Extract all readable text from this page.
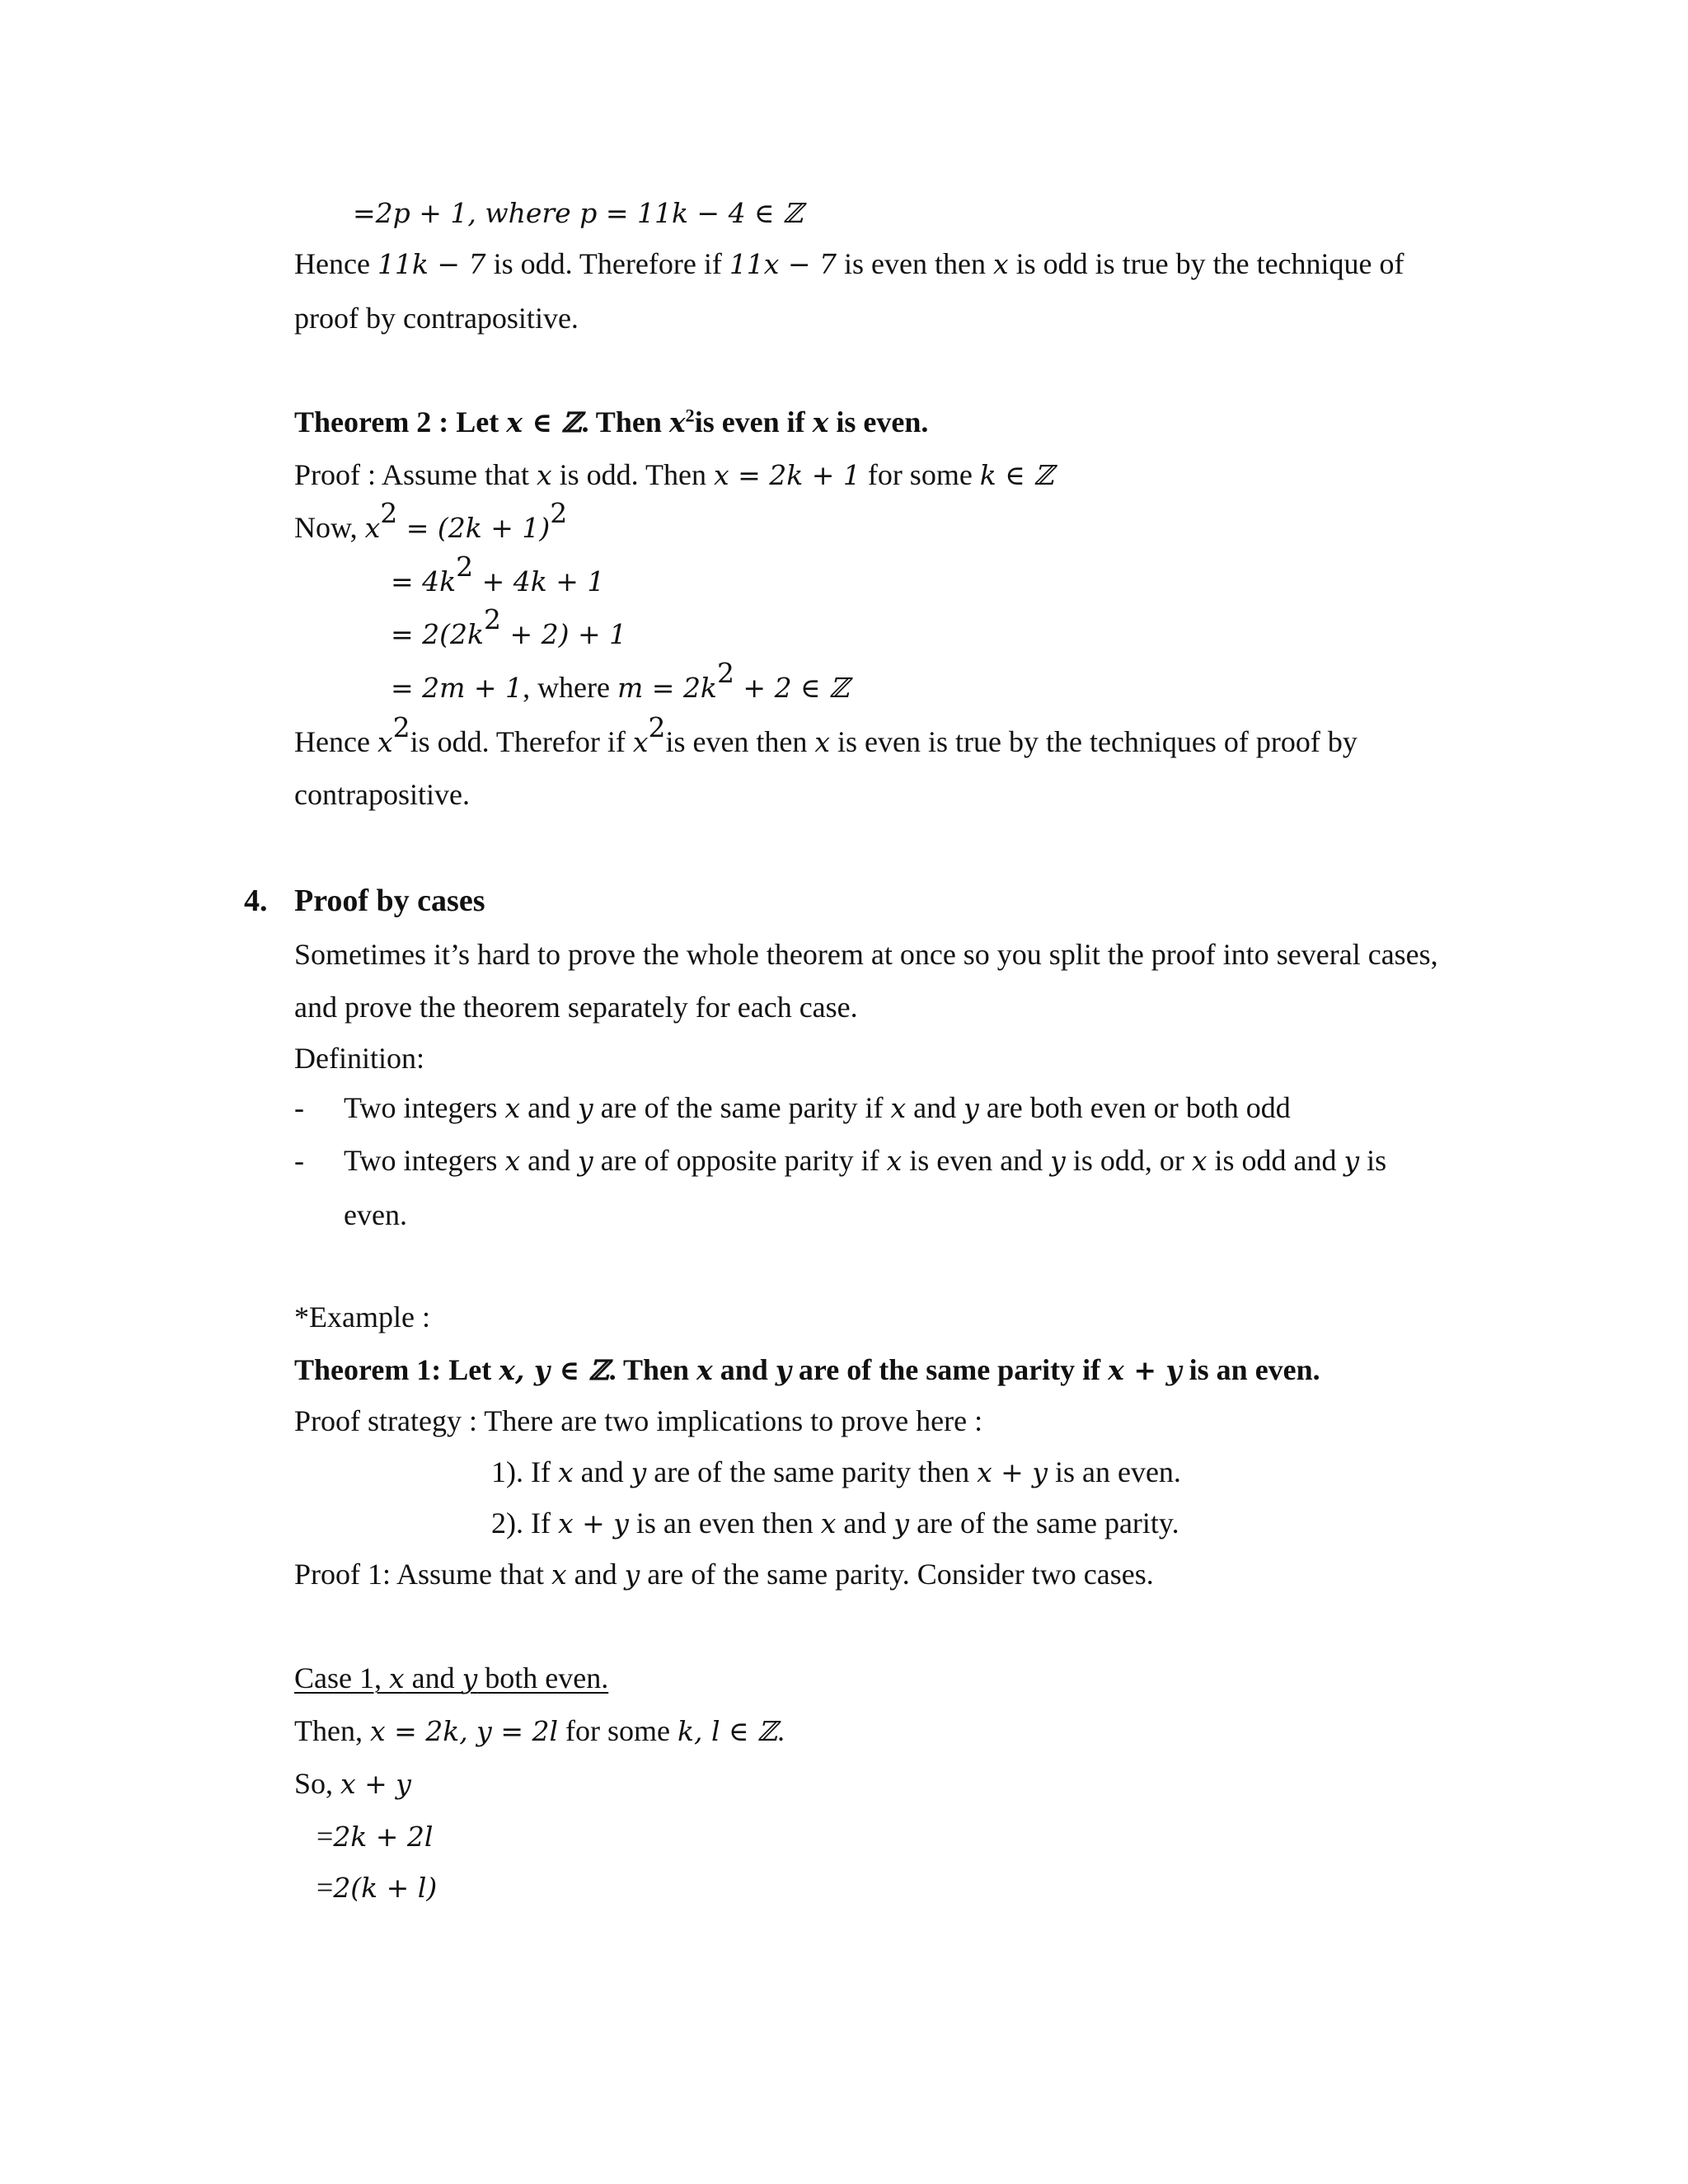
=2p + 1, where p = 11k − 4 ∈ ℤ
Hence 11k − 7 is odd. Therefore if 11x − 7 is even then x is odd is true by the technique of
proof by contrapositive.
Theorem 2 : Let x ∈ ℤ. Then $x^2is$ even if x is even.
Proof : Assume that x is odd. Then x = 2k + 1 for some k ∈ ℤ
Now, $x^2 = (2k + 1)^2$
= $4k^2 + 4k + 1$
= $2(2k^2 + 2) + 1$
= 2m + 1, where $m = 2k^2 + 2$ ∈ ℤ
Hence $x^2is$ odd. Therefor if $x^2is$ even then x is even is true by the techniques of proof by
contrapositive.
4. Proof by cases
Sometimes it’s hard to prove the whole theorem at once so you split the proof into several cases,
and prove the theorem separately for each case.
Definition:
- Two integers x and y are of the same parity if x and y are both even or both odd
- Two integers x and y are of opposite parity if x is even and y is odd, or x is odd and y is
even.
*Example :
Theorem 1: Let x, y ∈ ℤ. Then x and y are of the same parity if x + y is an even.
Proof strategy : There are two implications to prove here :
1). If x and y are of the same parity then x + y is an even.
2). If x + y is an even then x and y are of the same parity.
Proof 1: Assume that x and y are of the same parity. Consider two cases.
Case 1, x and y both even.
Then, x = 2k, y = 2l for some k, l ∈ ℤ.
So, x + y
=2k + 2l
=2(k + l)
